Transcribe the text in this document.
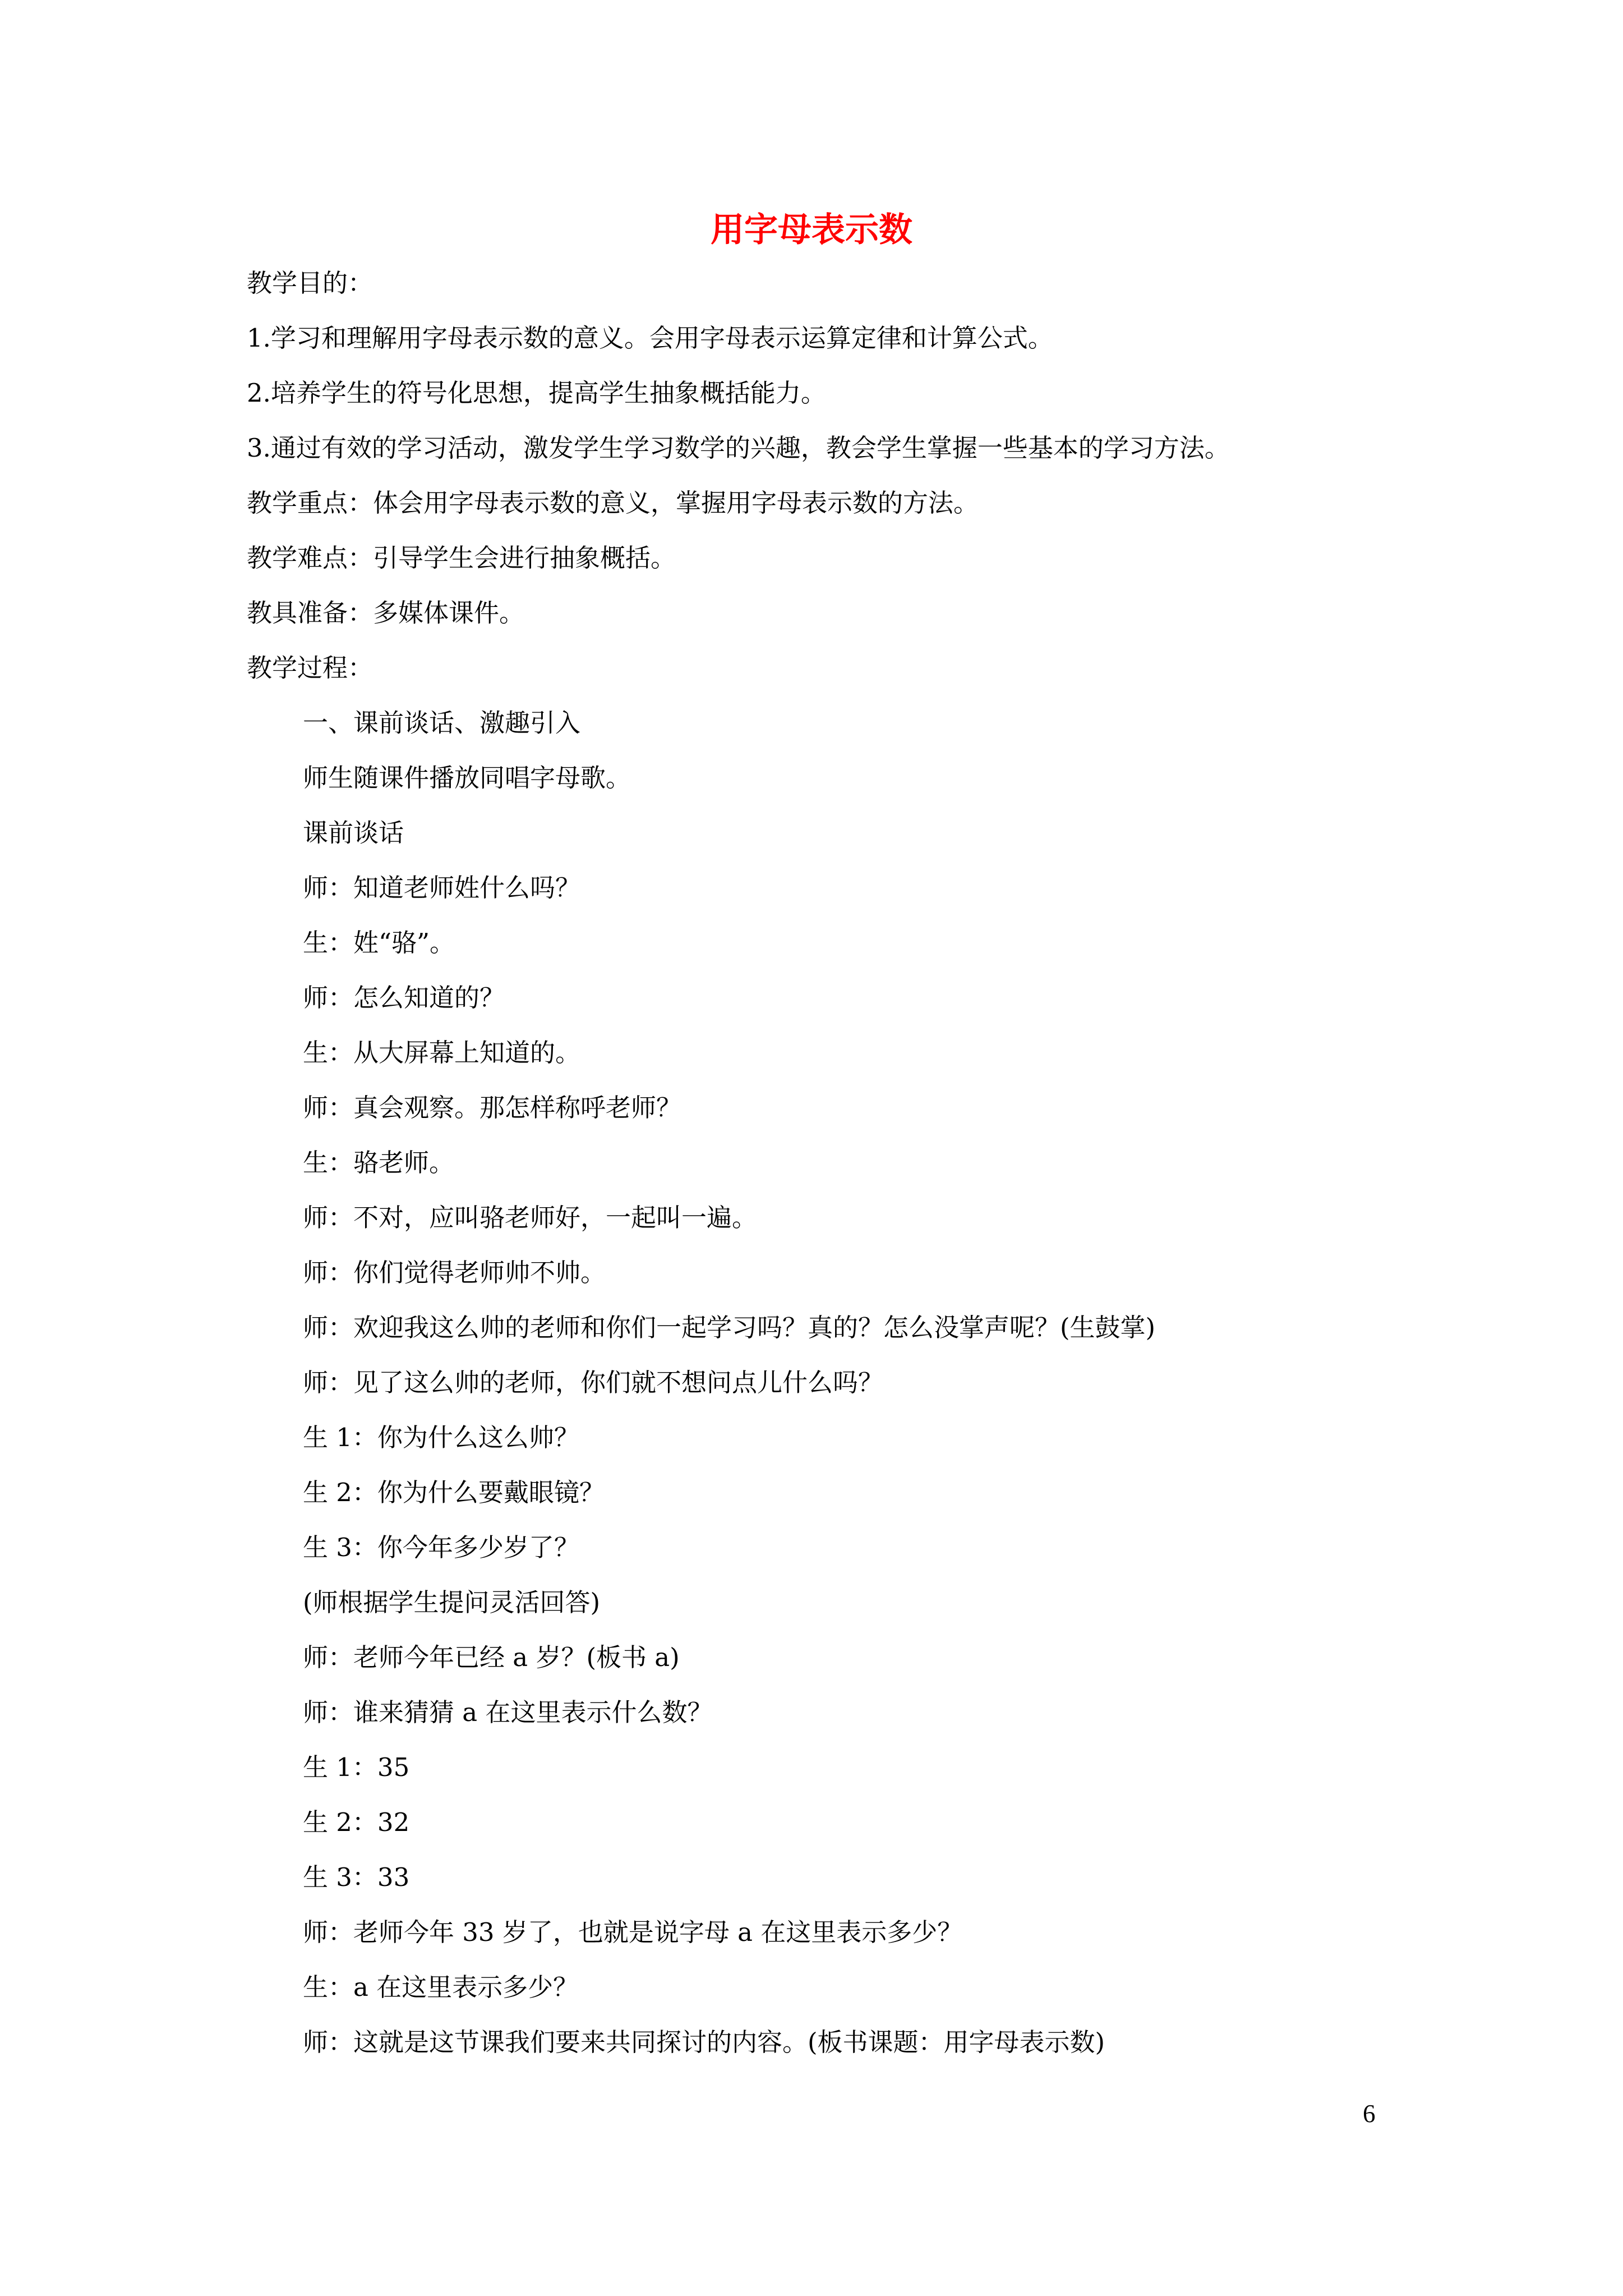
用字母表示数
教学目的：
1.学习和理解用字母表示数的意义。会用字母表示运算定律和计算公式。
2.培养学生的符号化思想，提高学生抽象概括能力。
3.通过有效的学习活动，激发学生学习数学的兴趣，教会学生掌握一些基本的学习方法。
教学重点：体会用字母表示数的意义，掌握用字母表示数的方法。
教学难点：引导学生会进行抽象概括。
教具准备：多媒体课件。
教学过程：
一、课前谈话、激趣引入
师生随课件播放同唱字母歌。
课前谈话
师：知道老师姓什么吗？
生：姓“骆”。
师：怎么知道的？
生：从大屏幕上知道的。
师：真会观察。那怎样称呼老师？
生：骆老师。
师：不对，应叫骆老师好，一起叫一遍。
师：你们觉得老师帅不帅。
师：欢迎我这么帅的老师和你们一起学习吗？真的？怎么没掌声呢？(生鼓掌)
师：见了这么帅的老师，你们就不想问点儿什么吗？
生 1：你为什么这么帅？
生 2：你为什么要戴眼镜？
生 3：你今年多少岁了？
(师根据学生提问灵活回答)
师：老师今年已经 a 岁？(板书 a)
师：谁来猜猜 a 在这里表示什么数？
生 1：35
生 2：32
生 3：33
师：老师今年 33 岁了，也就是说字母 a 在这里表示多少？
生：a 在这里表示多少？
师：这就是这节课我们要来共同探讨的内容。(板书课题：用字母表示数)
6
